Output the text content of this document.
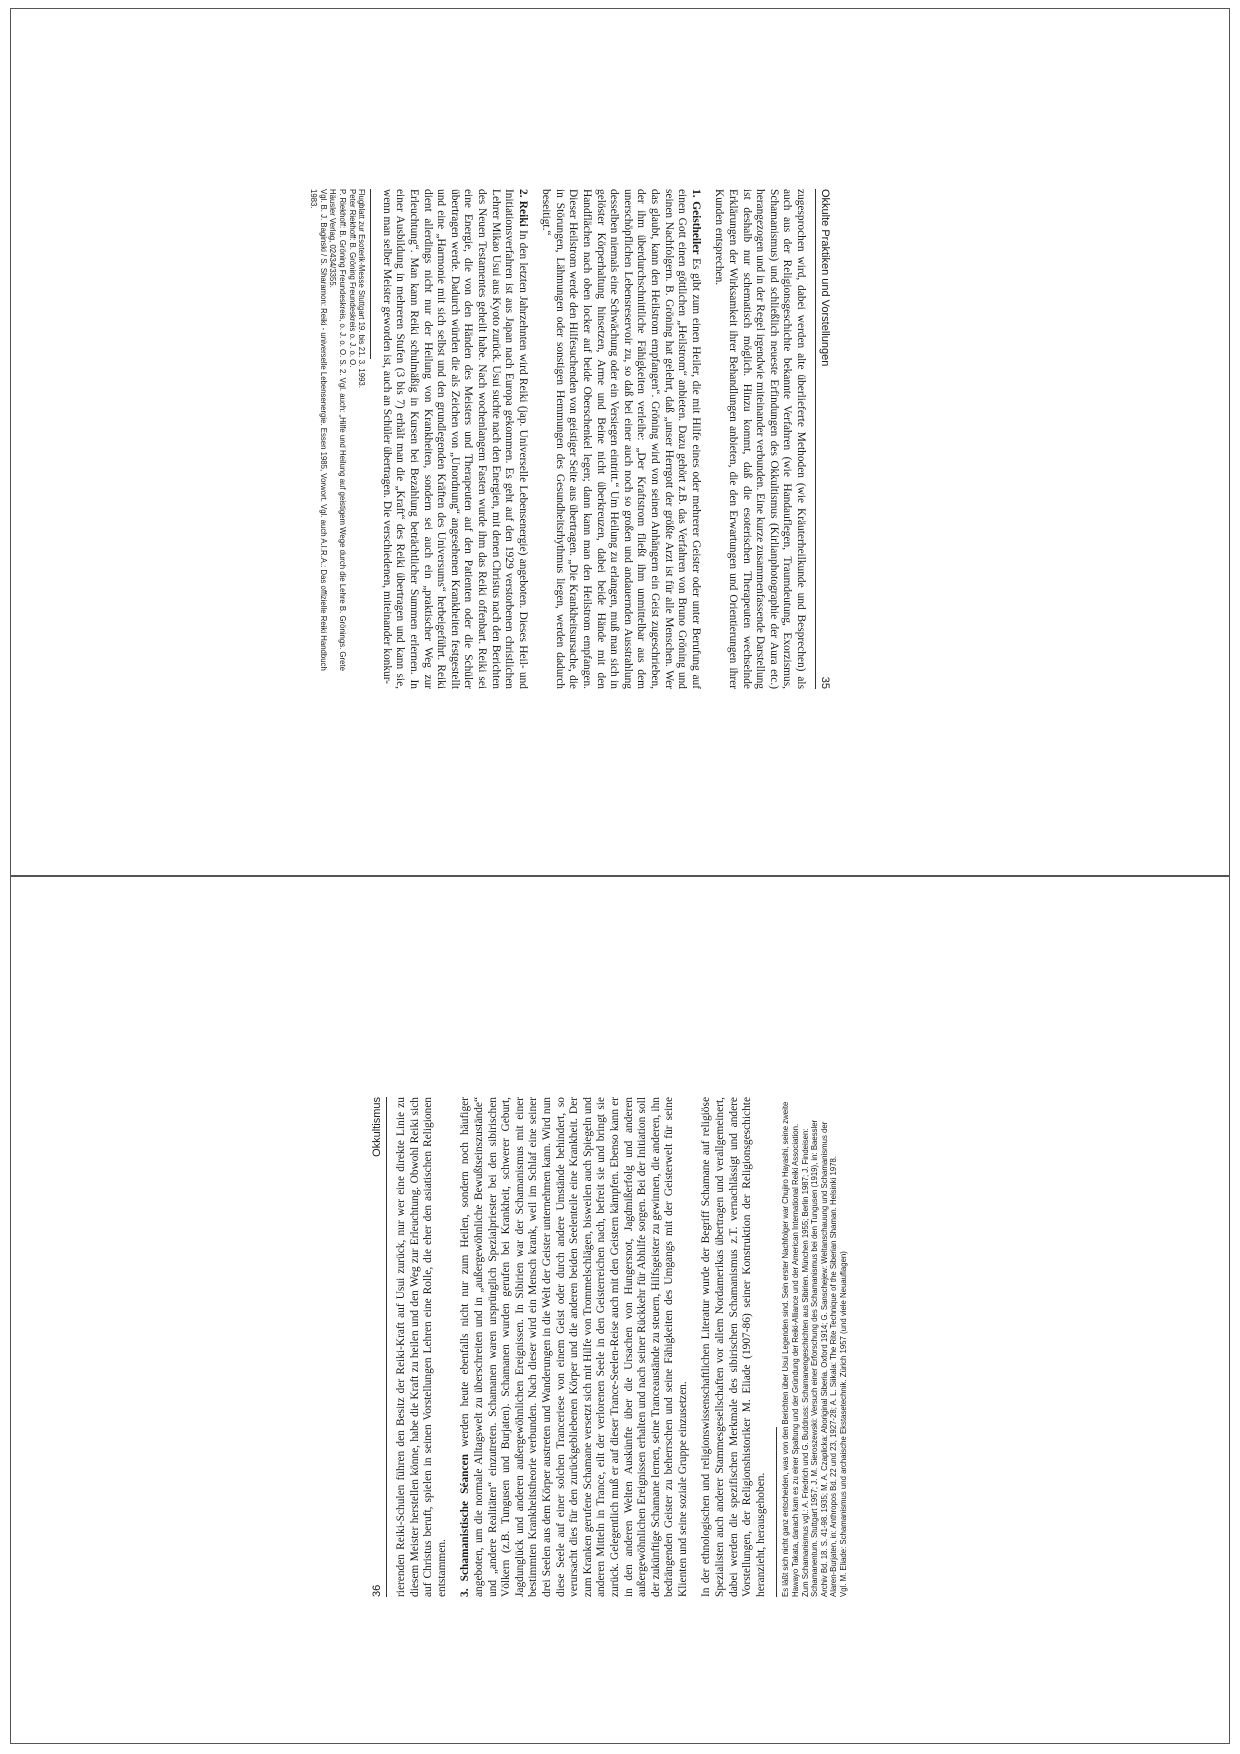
Okkulte Praktiken und Vorstellungen
35

zugesprochen wird, dabei werden alte überlieferte Methoden (wie Kräuterheilkunde und Besprechen) als auch aus der Religionsgeschichte bekannte Verfahren (wie Handauflegen, Traumdeutung, Exorzismus, Schamanismus) und schließlich neueste Erfindungen des Okkultismus (Kirlianphotographie der Aura etc.) herangezogen und in der Regel irgendwie miteinander verbunden. Eine kurze zusammenfassende Darstellung ist deshalb nur schematisch möglich. Hinzu kommt, daß die esoterischen Therapeuten wechselnde Erklärungen der Wirksamkeit ihrer Behandlungen anbieten, die den Erwartungen und Orientierungen ihrer Kunden entsprechen.

1. Geistheiler Es gibt zum einen Heiler, die mit Hilfe eines oder mehrerer Geister oder unter Berufung auf einen Gott einen göttlichen „Heilstrom“ anbieten. Dazu gehört z.B. das Verfahren von Bruno Gröning und seinen Nachfolgern. B. Gröning hat gelehrt, daß „unser Herrgott der größte Arzt ist für alle Menschen. Wer das glaubt, kann den Heilstrom empfangen“. Gröning wird von seinen Anhängern ein Geist zugeschrieben, der ihm überdurchschnittliche Fähigkeiten verleihe: „Der Kraftstrom fließt ihm unmittelbar aus dem unerschöpflichen Lebensreservoir zu, so daß bei einer auch noch so großen und andauernden Ausstrahlung desselben niemals eine Schwächung oder ein Versiegen eintritt.“ Um Heilung zu erlangen, muß man sich in gelöster Körperhaltung hinsetzen, Arme und Beine nicht überkreuzen, dabei beide Hände mit den Handflächen nach oben locker auf beide Oberschenkel legen; dann kann man den Heilstrom empfangen. Dieser Heilstrom werde den Hilfesuchenden von geistiger Seite aus übertragen. „Die Krankheitsursache, die in Störungen, Lähmungen oder sonstigen Hemmungen des Gesundheitsrhythmus liegen, werden dadurch beseitigt.“

2. Reiki In den letzten Jahrzehnten wird Reiki (jap. Universelle Lebensenergie) angeboten. Dieses Heil- und Initiationsverfahren ist aus Japan nach Europa gekommen. Es geht auf den 1929 verstorbenen christlichen Lehrer Mikao Usui aus Kyoto zurück. Usui suchte nach den Energien, mit denen Christus nach den Berichten des Neuen Testamentes geheilt habe. Nach wochenlangem Fasten wurde ihm das Reiki offenbart. Reiki sei eine Energie, die von den Händen des Meisters und Therapeuten auf den Patienten oder die Schüler übertragen werde. Dadurch würden die als Zeichen von „Unordnung“ angesehenen Krankheiten festgestellt und eine „Harmonie mit sich selbst und den grundlegenden Kräften des Universums“ herbeigeführt. Reiki dient allerdings nicht nur der Heilung von Krankheiten, sondern sei auch ein „praktischer Weg zur Erleuchtung“. Man kann Reiki schulmäßig in Kursen bei Bezahlung beträchtlicher Summen erlernen. In einer Ausbildung in mehreren Stufen (3 bis 7) erhält man die „Kraft“ des Reiki übertragen und kann sie, wenn man selber Meister geworden ist, auch an Schüler übertragen. Die verschiedenen, miteinander konkur-

Flugblatt zur Esoterik-Messe Stuttgart 19. bis 21. 3. 1993.

Peter Riekhoff: B. Gröning Freundeskreis o. J. o. O.

P. Riekhoff: B. Gröning Freundeskreis, o. J. o. O. S. 2. Vgl. auch: „Hilfe und Heilung auf geistigem Wege durch die Lehre B. Grönings. Grete Häusler Verlag, 02434/3355.

Vgl. B. J. Baginski / S. Sharamon: Reiki - universelle Lebensenergie. Essen 1985, Vorwort. Vgl. auch A.I.R.A.: Das offizielle Reiki Handbuch 1983.

36
Okkultismus rierenden Reiki-Schulen führen den Besitz der Reiki-Kraft auf Usui zurück, nur wer eine direkte Linie zu diesem Meister herstellen könne, habe die Kraft zu heilen und den Weg zur Erleuchtung. Obwohl Reiki sich auf Christus beruft, spielen in seinen Vorstellungen Lehren eine Rolle, die eher den asiatischen Religionen entstammen. 3. Schamanistische Séancen werden heute ebenfalls nicht nur zum Heilen, sondern noch häufiger angeboten, um die normale Alltagswelt zu überschreiten und in „außergewöhnliche Bewußtseinszustände“ und „andere Realitäten“ einzutreten. Schamanen waren ursprünglich Spezialpriester bei den sibirischen Völkern (z.B. Tungusen und Burjaten). Schamanen wurden gerufen bei Krankheit, schwerer Geburt, Jagdunglück und anderen außergewöhnlichen Ereignissen. In Sibirien war der Schamanismus mit einer bestimmten Krankheitstheorie verbunden. Nach dieser wird ein Mensch krank, weil im Schlaf eine seiner drei Seelen aus dem Körper austreten und Wanderungen in die Welt der Geister unternehmen kann. Wird nun diese Seele auf einer solchen Tranceriese von einem Geist oder durch andere Umstände behindert, so verursacht dies für den zurückgebliebenen Körper und die anderen beiden Seelenteile eine Krankheit. Der zum Kranken gerufene Schamane versetzt sich mit Hilfe von Trommelschlägen, bisweilen auch Spiegeln und anderen Mitteln in Trance, eilt der verlorenen Seele in den Geisterreichen nach, befreit sie und bringt sie zurück. Gelegentlich muß er auf dieser Trance-Seelen-Reise auch mit den Geistern kämpfen. Ebenso kann er in den anderen Welten Auskünfte über die Ursachen von Hungersnot, Jagdmißerfolg und anderen außergewöhnlichen Ereignissen erhalten und nach seiner Rückkehr für Abhilfe sorgen. Bei der Initiation soll der zukünftige Schamane lernen, seine Tranceaustände zu steuern, Hilfsgeister zu gewinnen, die anderen, ihn bedrängenden Geister zu beherrschen und seine Fähigkeiten des Umgangs mit der Geisterwelt für seine Klienten und seine soziale Gruppe einzusetzen. In der ethnologischen und religionswissenschaftlichen Literatur wurde der Begriff Schamane auf religiöse Spezialisten auch anderer Stammesgesellschaften vor allem Nordamerikas übertragen und verallgemeinert, dabei werden die spezifischen Merkmale des sibirischen Schamanismus z.T. vernachlässigt und andere Vorstellungen, der Religionshistoriker M. Eliade (1907-86) seiner Konstruktion der Religionsgeschichte heranzieht, herausgehoben. Es läßt sich nicht ganz entscheiden, was von den Berichten über Usui Legenden sind. Sein erster Nachfolger war Chujiro Hayashi, seine zweite Hawayo Takata, danach kam es zu einer Spaltung und der Gründung der Reiki-Alliance und der American International Reiki Association. Zum Schamanismus vgl.: A. Friedrich und G. Buddruss: Schamanengeschichten aus Sibirien. München 1955; Berlin 1987; J. Findeisen: Schamanentum. Stuttgart 1957; J. M. Sieroszewski: Versuch einer Erforschung des Schamanismus bei den Tungusen (1919), in: Baessler Archiv Bd. 18. S. 41-98. 1935; M. A. Czaplicka: Aboriginal Siberia. Oxford 1914; G. Sanschejew: Weltanschauung und Schamanismus der Alaren-Burjaten, in: Anthropos Bd. 22 und 23, 1927-28; A. L. Siikala: The Rite Technique of the Siberian Shaman. Helsinki 1978. Vgl. M. Eliade: Schamanismus und archaische Ekstasetechnik. Zürich 1957 (und viele Neuauflagen)
